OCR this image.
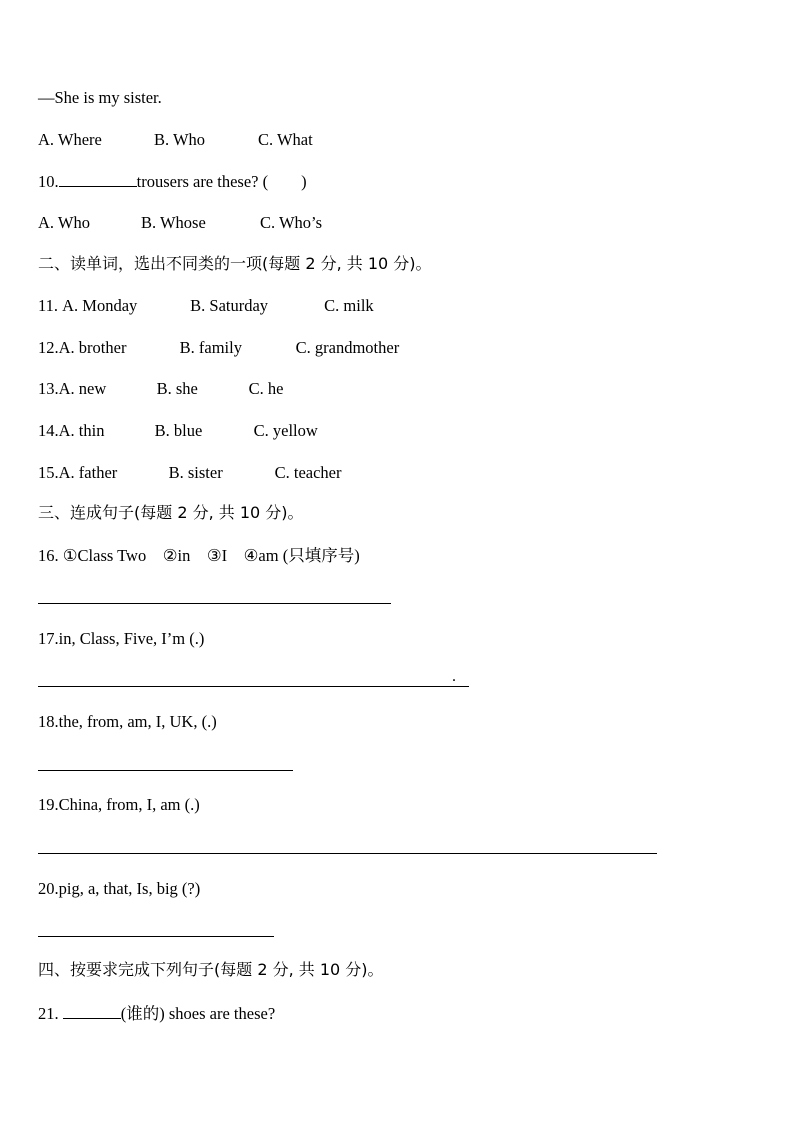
—She is my sister.

A. Where	B. Who	C. What

10.	trousers are these? (        )

A. Who	B. Whose	C. Who’s

二、读单词，选出不同类的一项(每题 2 分, 共 10 分)。

11. A. Monday	B. Saturday	C. milk

12.A. brother	B. family	C. grandmother

13.A. new	B. she	C. he

14.A. thin	B. blue	C. yellow

15.A. father	B. sister	C. teacher

三、连成句子(每题 2 分, 共 10 分)。

16. ①Class Two    ②in    ③I    ④am (只填序号)

17.in, Class, Five, I’m (.)

.

18.the, from, am, I, UK, (.)

19.China, from, I, am (.)

20.pig, a, that, Is, big (?)

四、按要求完成下列句子(每题 2 分, 共 10 分)。

21.	(谁的) shoes are these?
